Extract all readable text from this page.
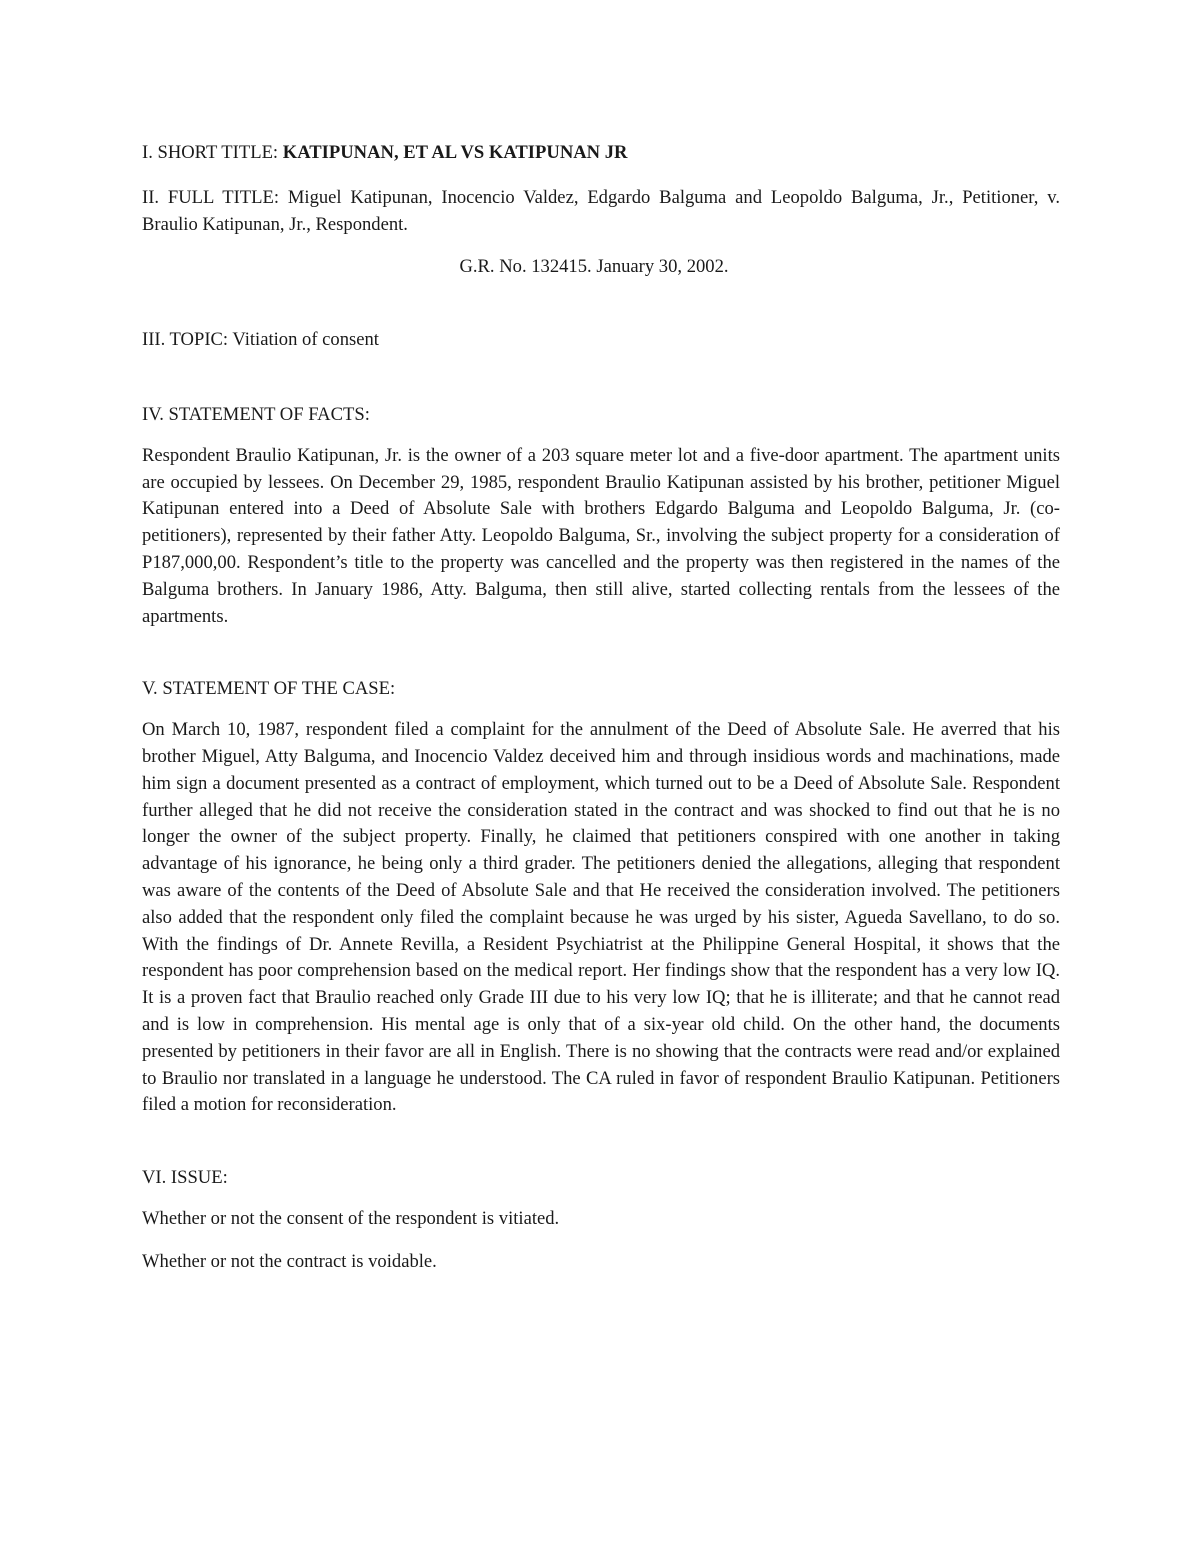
I. SHORT TITLE: KATIPUNAN, ET AL VS KATIPUNAN JR

II. FULL TITLE: Miguel Katipunan, Inocencio Valdez, Edgardo Balguma and Leopoldo Balguma, Jr., Petitioner, v. Braulio Katipunan, Jr., Respondent.

G.R. No. 132415. January 30, 2002.

III. TOPIC: Vitiation of consent

IV. STATEMENT OF FACTS:

Respondent Braulio Katipunan, Jr. is the owner of a 203 square meter lot and a five-door apartment. The apartment units are occupied by lessees. On December 29, 1985, respondent Braulio Katipunan assisted by his brother, petitioner Miguel Katipunan entered into a Deed of Absolute Sale with brothers Edgardo Balguma and Leopoldo Balguma, Jr. (co-petitioners), represented by their father Atty. Leopoldo Balguma, Sr., involving the subject property for a consideration of P187,000,00. Respondent’s title to the property was cancelled and the property was then registered in the names of the Balguma brothers. In January 1986, Atty. Balguma, then still alive, started collecting rentals from the lessees of the apartments.

V. STATEMENT OF THE CASE:

On March 10, 1987, respondent filed a complaint for the annulment of the Deed of Absolute Sale. He averred that his brother Miguel, Atty Balguma, and Inocencio Valdez deceived him and through insidious words and machinations, made him sign a document presented as a contract of employment, which turned out to be a Deed of Absolute Sale. Respondent further alleged that he did not receive the consideration stated in the contract and was shocked to find out that he is no longer the owner of the subject property. Finally, he claimed that petitioners conspired with one another in taking advantage of his ignorance, he being only a third grader. The petitioners denied the allegations, alleging that respondent was aware of the contents of the Deed of Absolute Sale and that He received the consideration involved. The petitioners also added that the respondent only filed the complaint because he was urged by his sister, Agueda Savellano, to do so. With the findings of Dr. Annete Revilla, a Resident Psychiatrist at the Philippine General Hospital, it shows that the respondent has poor comprehension based on the medical report. Her findings show that the respondent has a very low IQ. It is a proven fact that Braulio reached only Grade III due to his very low IQ; that he is illiterate; and that he cannot read and is low in comprehension. His mental age is only that of a six-year old child. On the other hand, the documents presented by petitioners in their favor are all in English. There is no showing that the contracts were read and/or explained to Braulio nor translated in a language he understood. The CA ruled in favor of respondent Braulio Katipunan. Petitioners filed a motion for reconsideration.

VI. ISSUE:

Whether or not the consent of the respondent is vitiated.

Whether or not the contract is voidable.
